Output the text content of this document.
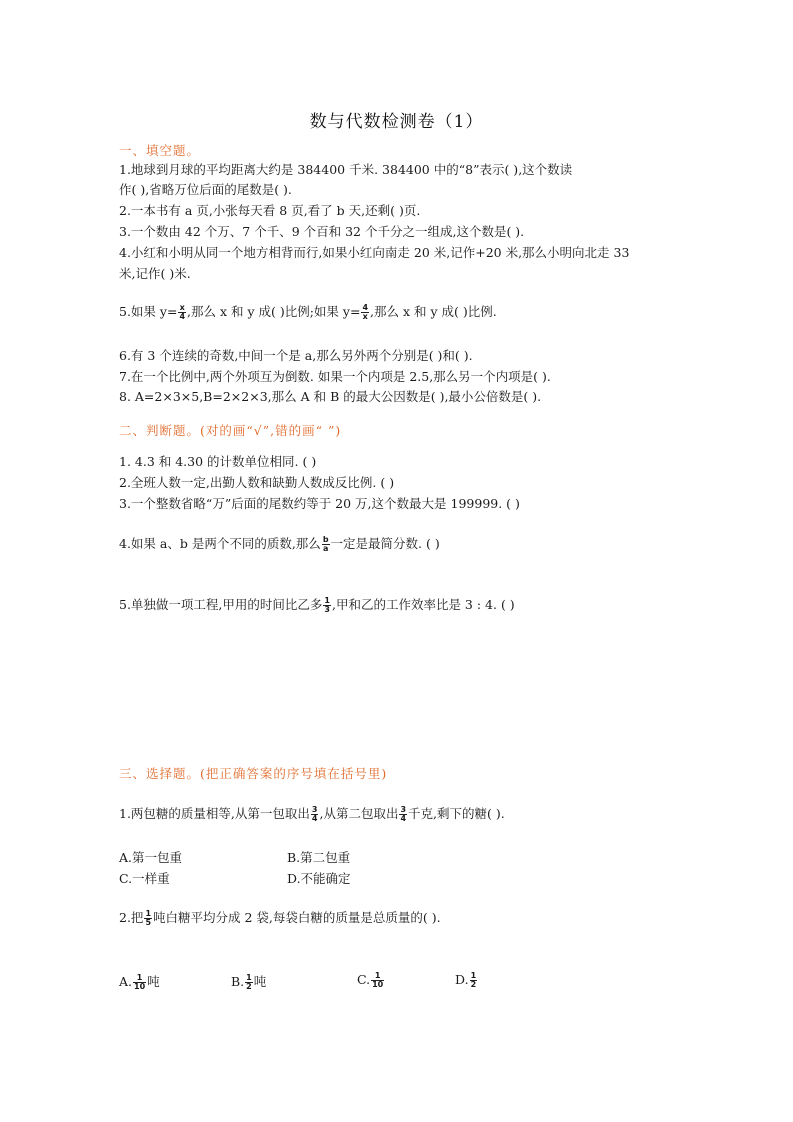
数与代数检测卷（1）
一、填空题。
1.地球到月球的平均距离大约是 384400 千米. 384400 中的“8”表示( ),这个数读
作( ),省略万位后面的尾数是( ).
2.一本书有 a 页,小张每天看 8 页,看了 b 天,还剩( )页.
3.一个数由 42 个万、7 个千、9 个百和 32 个千分之一组成,这个数是( ).
4.小红和小明从同一个地方相背而行,如果小红向南走 20 米,记作+20 米,那么小明向北走 33
米,记作( )米.
5.如果 $y= \frac{x}{4}$ ,那么 x 和 y 成( )比例;如果 $y= \frac{4}{x}$ ,那么 x 和 y 成( )比例.
6.有 3 个连续的奇数,中间一个是 a,那么另外两个分别是( )和( ).
7.在一个比例中,两个外项互为倒数. 如果一个内项是 2.5,那么另一个内项是( ).
8. A=2×3×5,B=2×2×3,那么 A 和 B 的最大公因数是( ),最小公倍数是( ).
二、判断题。(对的画“√”,错的画“ ”)
1. 4.3 和 4.30 的计数单位相同. ( )
2.全班人数一定,出勤人数和缺勤人数成反比例. ( )
3.一个整数省略“万”后面的尾数约等于 20 万,这个数最大是 199999. ( )
4.如果 a、b 是两个不同的质数,那么 $\frac{b}{a}$ 一定是最简分数. ( )
5.单独做一项工程,甲用的时间比乙多 $\frac{1}{3}$ ,甲和乙的工作效率比是 3 : 4. ( )
三、选择题。(把正确答案的序号填在括号里)
1.两包糖的质量相等,从第一包取出 $\frac{3}{4}$ ,从第二包取出 $\frac{3}{4}$ 千克,剩下的糖( ).
A.第一包重	B.第二包重
C.一样重	D.不能确定
2.把 $\frac{1}{5}$ 吨白糖平均分成 2 袋,每袋白糖的质量是总质量的( ).
A. $\frac{1}{10}$ 吨	B. $\frac{1}{2}$ 吨	C. $\frac{1}{10}$	D. $\frac{1}{2}$
